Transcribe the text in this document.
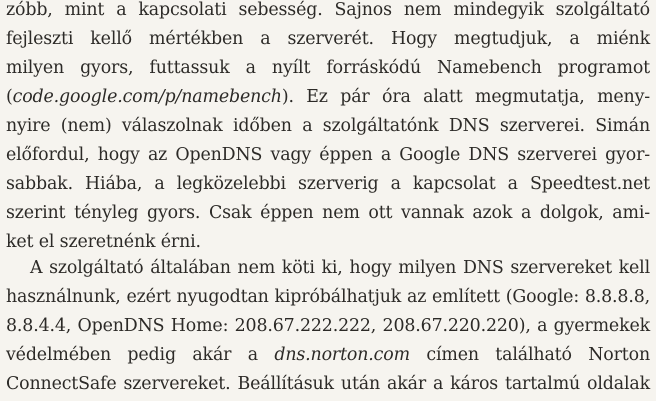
zóbb, mint a kapcsolati sebesség. Sajnos nem mindegyik szolgáltató
fejleszti kellő mértékben a szerverét. Hogy megtudjuk, a miénk
milyen gyors, futtassuk a nyílt forráskódú Namebench programot
(code.google.com/p/namebench). Ez pár óra alatt megmutatja, meny-
nyire (nem) válaszolnak időben a szolgáltatónk DNS szerverei. Simán
előfordul, hogy az OpenDNS vagy éppen a Google DNS szerverei gyor-
sabbak. Hiába, a legközelebbi szerverig a kapcsolat a Speedtest.net
szerint tényleg gyors. Csak éppen nem ott vannak azok a dolgok, ami-
ket el szeretnénk érni.
A szolgáltató általában nem köti ki, hogy milyen DNS szervereket kell
használnunk, ezért nyugodtan kipróbálhatjuk az említett (Google: 8.8.8.8,
8.8.4.4, OpenDNS Home: 208.67.222.222, 208.67.220.220), a gyermekek
védelmében pedig akár a dns.norton.com címen található Norton
ConnectSafe szervereket. Beállításuk után akár a káros tartalmú oldalak
